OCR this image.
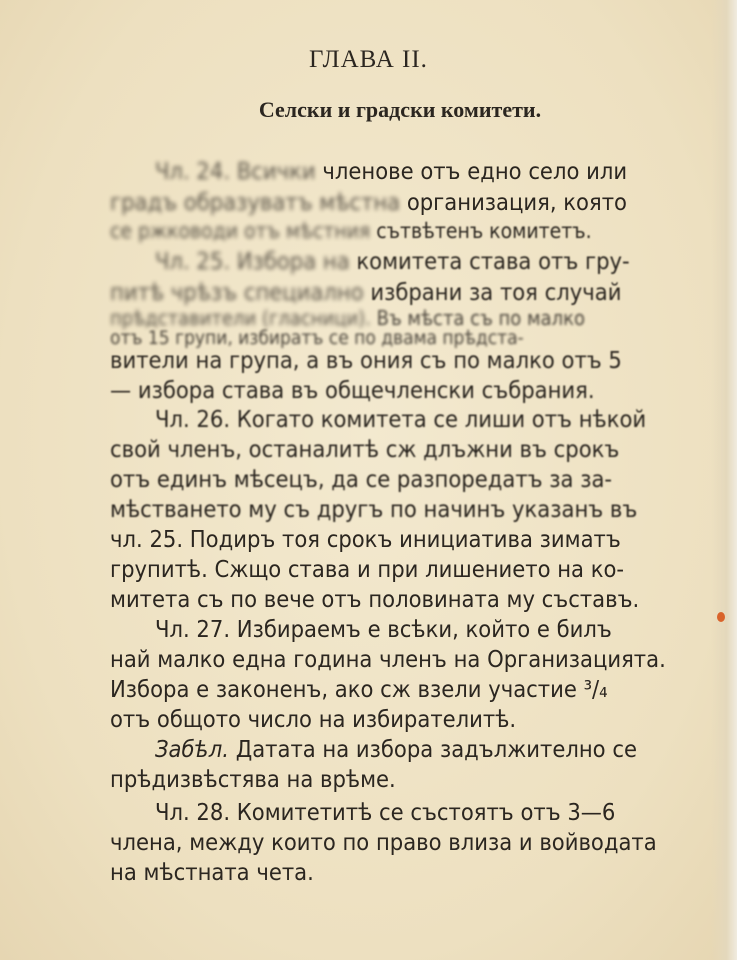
ГЛАВА II.
Селски и градски комитети.
Чл. 24. Всички членове отъ едно село или
градъ образуватъ мѣстна организация, която
се ржководи отъ мѣстния сътвѣтенъ комитетъ.
Чл. 25. Избора на комитета става отъ гру-
питѣ чрѣзъ специално избрани за тоя случай
прѣдставители (гласници). Въ мѣста съ по малко
отъ 15 групи, избиратъ се по двама прѣдста-
вители на група, а въ ония съ по малко отъ 5
— избора става въ общечленски събрания.
Чл. 26. Когато комитета се лиши отъ нѣкой
свой членъ, останалитѣ сж длъжни въ срокъ
отъ единъ мѣсецъ, да се разпоредатъ за за-
мѣстването му съ другъ по начинъ указанъ въ
чл. 25. Подиръ тоя срокъ инициатива зиматъ
групитѣ. Сжщо става и при лишението на ко-
митета съ по вече отъ половината му съставъ.
Чл. 27. Избираемъ е всѣки, който е билъ
най малко една година членъ на Организацията.
Избора е законенъ, ако сж взели участие ³/₄
отъ общото число на избирателитѣ.
Забѣл. Датата на избора задължително се
прѣдизвѣстява на врѣме.
Чл. 28. Комитетитѣ се състоятъ отъ 3—6
члена, между които по право влиза и войводата
на мѣстната чета.
